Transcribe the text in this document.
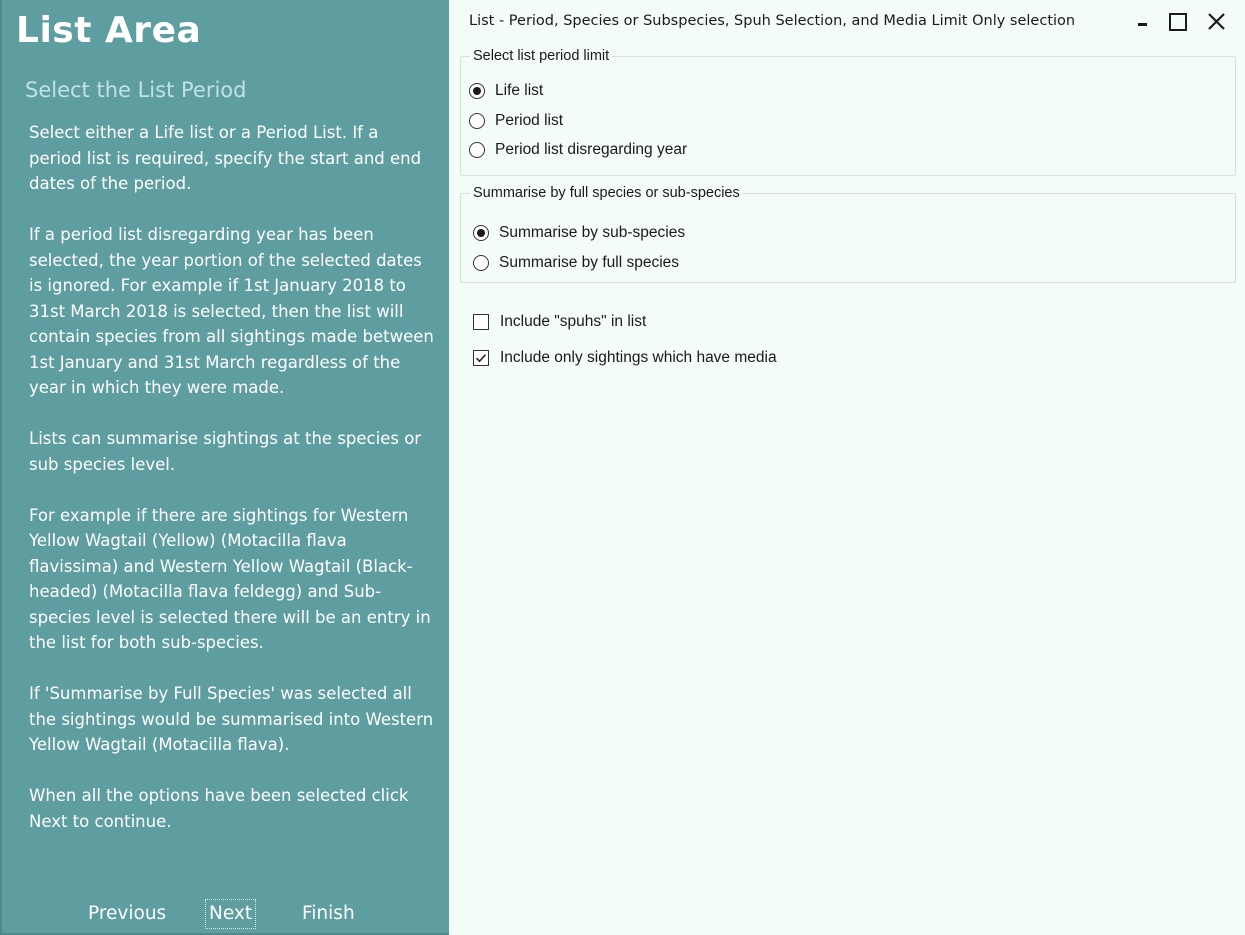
List Area
Select the List Period

Select either a Life list or a Period List. If a period list is required, specify the start and end dates of the period.

If a period list disregarding year has been selected, the year portion of the selected dates is ignored. For example if 1st January 2018 to 31st March 2018 is selected, then the list will contain species from all sightings made between 1st January and 31st March regardless of the year in which they were made.

Lists can summarise sightings at the species or sub species level.

For example if there are sightings for Western Yellow Wagtail (Yellow) (Motacilla flava flavissima) and Western Yellow Wagtail (Black-headed) (Motacilla flava feldegg) and Sub-species level is selected there will be an entry in the list for both sub-species.

If 'Summarise by Full Species' was selected all the sightings would be summarised into Western Yellow Wagtail (Motacilla flava).

When all the options have been selected click Next to continue.

Previous Next	Finish
List - Period, Species or Subspecies, Spuh Selection, and Media Limit Only selection
Select list period limit
Life list
Period list
Period list disregarding year
Summarise by full species or sub-species
Summarise by sub-species
Summarise by full species
Include "spuhs" in list
Include only sightings which have media
